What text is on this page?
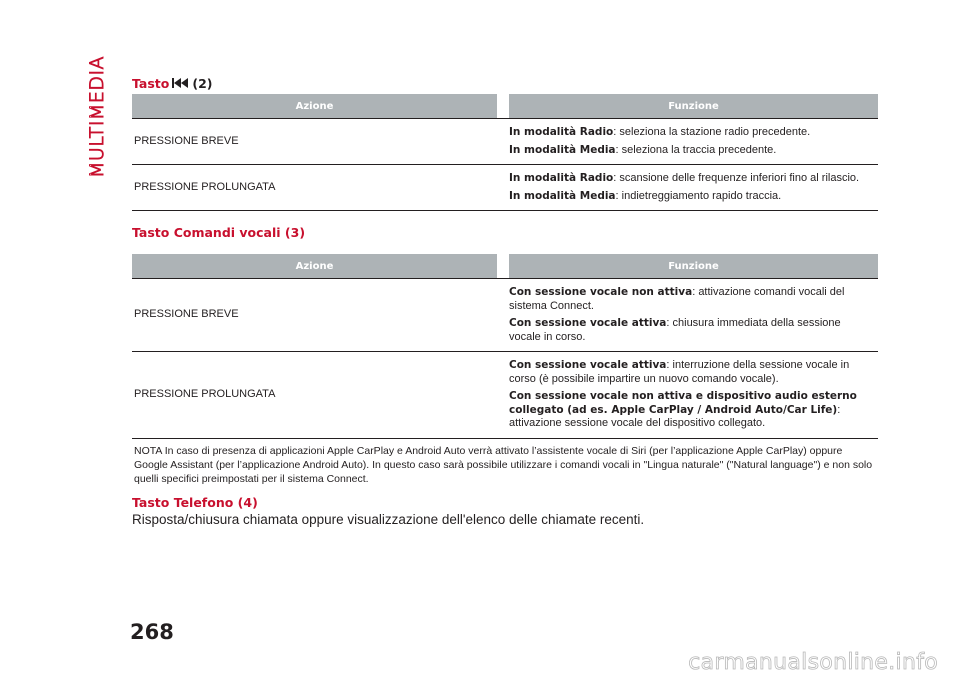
MULTIMEDIA Tasto (2)
Azione		Funzione
PRESSIONE BREVE		In modalità Radio: seleziona la stazione radio precedente.

In modalità Media: seleziona la traccia precedente.

PRESSIONE PROLUNGATA		In modalità Radio: scansione delle frequenze inferiori fino al rilascio.

In modalità Media: indietreggiamento rapido traccia.

Tasto Comandi vocali (3)
Azione		Funzione
PRESSIONE BREVE		Con sessione vocale non attiva: attivazione comandi vocali del sistema Connect.

Con sessione vocale attiva: chiusura immediata della sessione vocale in corso.

PRESSIONE PROLUNGATA		Con sessione vocale attiva: interruzione della sessione vocale in corso (è possibile impartire un nuovo comando vocale).

Con sessione vocale non attiva e dispositivo audio esterno collegato (ad es. Apple CarPlay / Android Auto/Car Life): attivazione sessione vocale del dispositivo collegato.

NOTA In caso di presenza di applicazioni Apple CarPlay e Android Auto verrà attivato l’assistente vocale di Siri (per l’applicazione Apple CarPlay) oppure Google Assistant (per l’applicazione Android Auto). In questo caso sarà possibile utilizzare i comandi vocali in "Lingua naturale" ("Natural language") e non solo quelli specifici preimpostati per il sistema Connect.

Tasto Telefono (4)

Risposta/chiusura chiamata oppure visualizzazione dell'elenco delle chiamate recenti.

268
carmanualsonline.info
